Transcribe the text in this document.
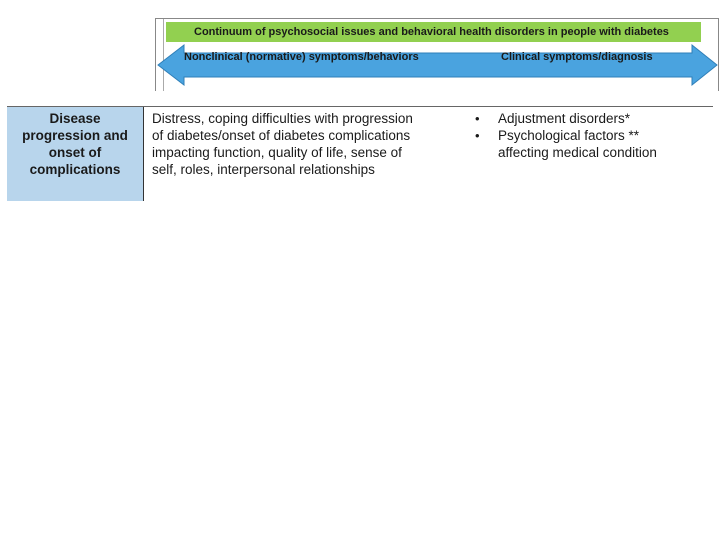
Continuum of psychosocial issues and behavioral health disorders in people with diabetes
Nonclinical (normative) symptoms/behaviors	Clinical symptoms/diagnosis
Disease
progression and
onset of
complications
Distress, coping difficulties with progression
of diabetes/onset of diabetes complications
impacting function, quality of life, sense of
self, roles, interpersonal relationships
• Adjustment disorders*
• Psychological factors **
affecting medical condition
